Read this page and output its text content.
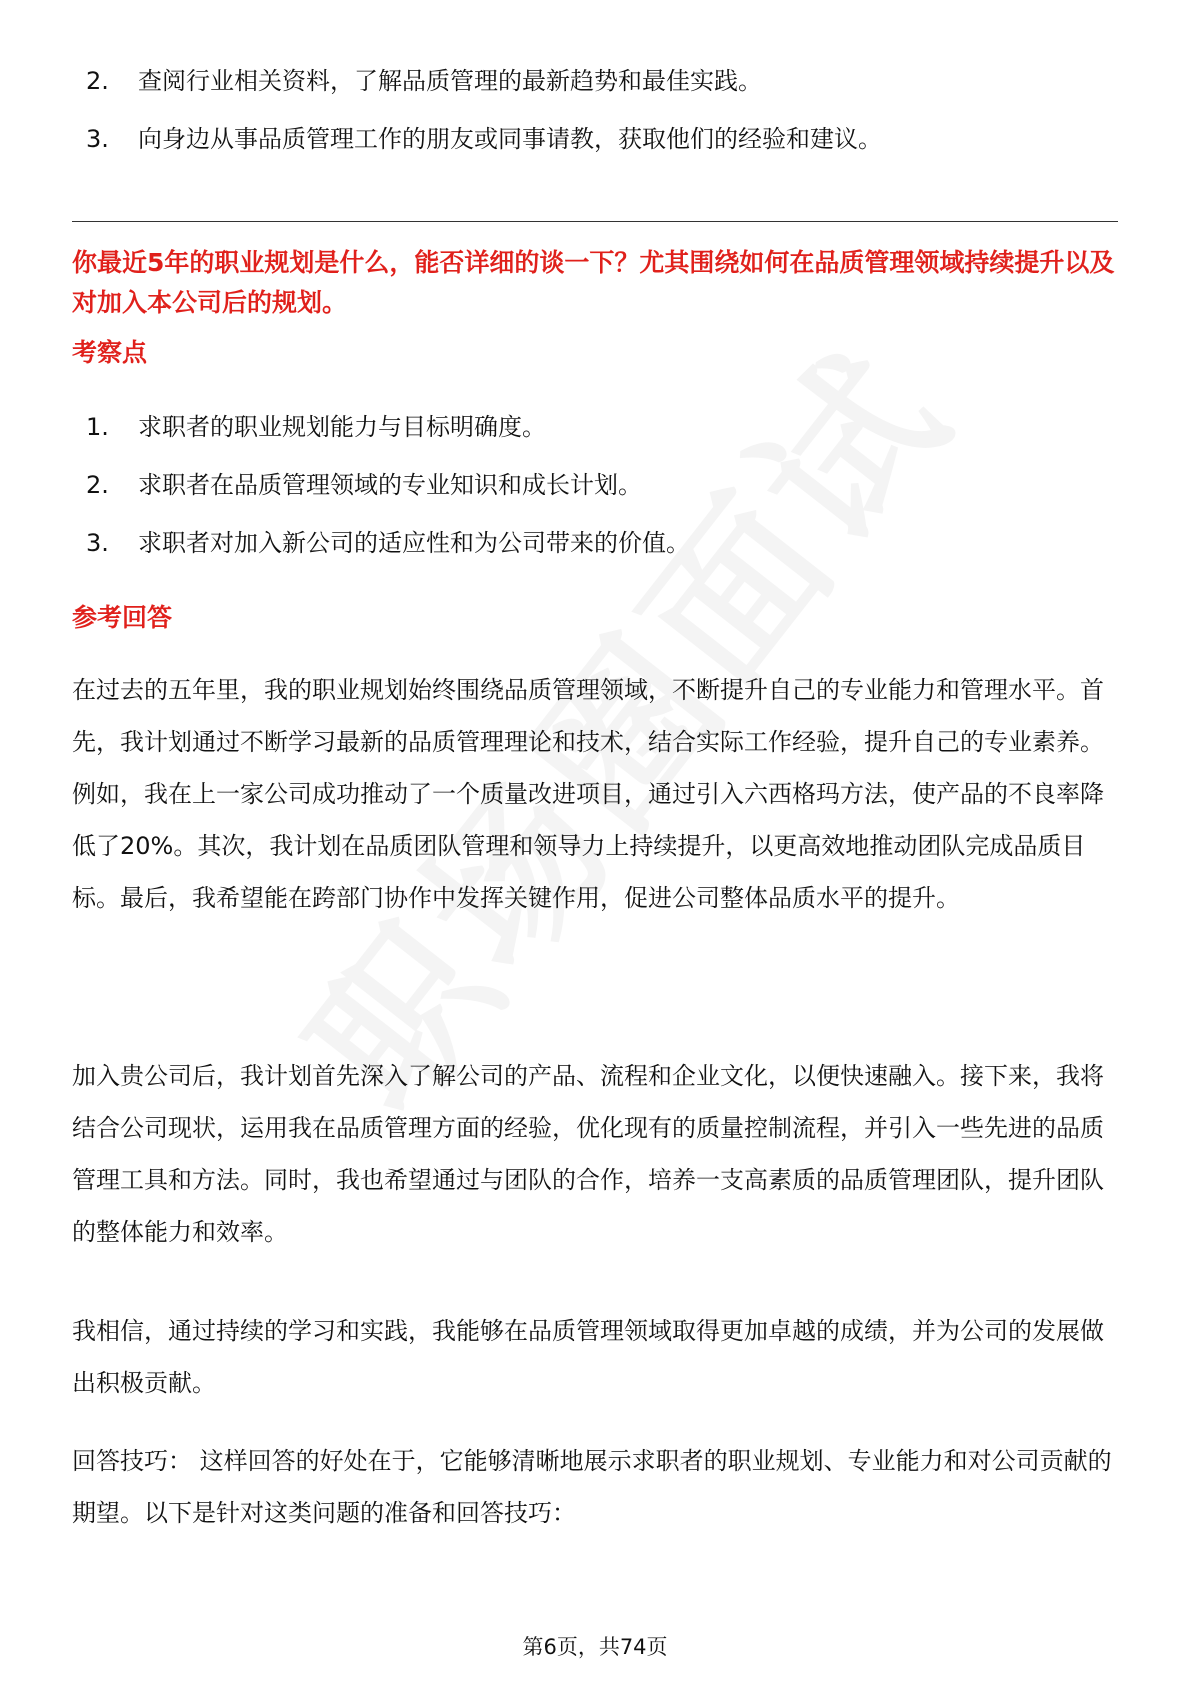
2.	查阅行业相关资料，了解品质管理的最新趋势和最佳实践。
3.	向身边从事品质管理工作的朋友或同事请教，获取他们的经验和建议。
你最近5年的职业规划是什么，能否详细的谈一下？尤其围绕如何在品质管理领域持续提升以及对加入本公司后的规划。
考察点
1.	求职者的职业规划能力与目标明确度。
2.	求职者在品质管理领域的专业知识和成长计划。
3.	求职者对加入新公司的适应性和为公司带来的价值。
参考回答

在过去的五年里，我的职业规划始终围绕品质管理领域，不断提升自己的专业能力和管理水平。首先，我计划通过不断学习最新的品质管理理论和技术，结合实际工作经验，提升自己的专业素养。例如，我在上一家公司成功推动了一个质量改进项目，通过引入六西格玛方法，使产品的不良率降低了20%。其次，我计划在品质团队管理和领导力上持续提升，以更高效地推动团队完成品质目标。最后，我希望能在跨部门协作中发挥关键作用，促进公司整体品质水平的提升。

加入贵公司后，我计划首先深入了解公司的产品、流程和企业文化，以便快速融入。接下来，我将结合公司现状，运用我在品质管理方面的经验，优化现有的质量控制流程，并引入一些先进的品质管理工具和方法。同时，我也希望通过与团队的合作，培养一支高素质的品质管理团队，提升团队的整体能力和效率。

我相信，通过持续的学习和实践，我能够在品质管理领域取得更加卓越的成绩，并为公司的发展做出积极贡献。

回答技巧： 这样回答的好处在于，它能够清晰地展示求职者的职业规划、专业能力和对公司贡献的期望。以下是针对这类问题的准备和回答技巧：

第6页，共74页
